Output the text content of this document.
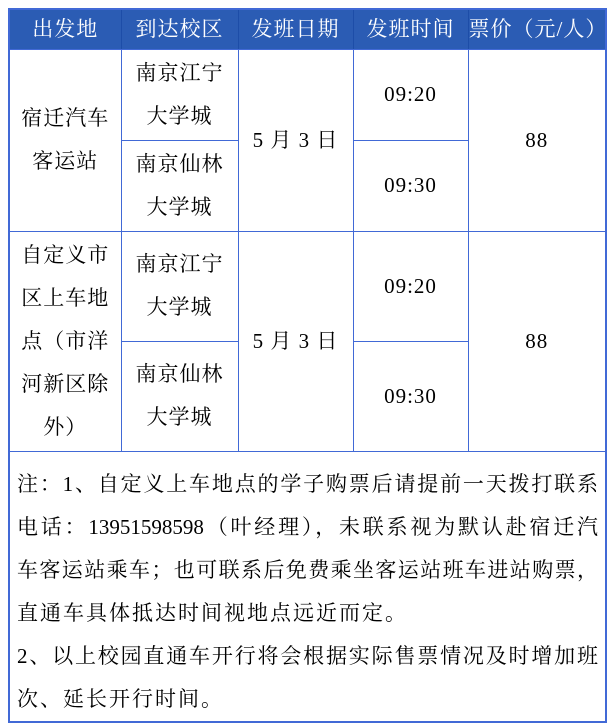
出发地	到达校区	发班日期	发班时间	票价（元/人）
宿迁汽车客运站	南京江宁大学城	5 月 3 日	09:20	88
	南京仙林大学城		09:30	
自定义市区上车地点（市洋河新区除外）	南京江宁大学城	5 月 3 日	09:20	88
	南京仙林大学城		09:30	

注：1、自定义上车地点的学子购票后请提前一天拨打联系
电话：13951598598（叶经理），未联系视为默认赴宿迁汽
车客运站乘车；也可联系后免费乘坐客运站班车进站购票，
直通车具体抵达时间视地点远近而定。
2、以上校园直通车开行将会根据实际售票情况及时增加班
次、延长开行时间。
